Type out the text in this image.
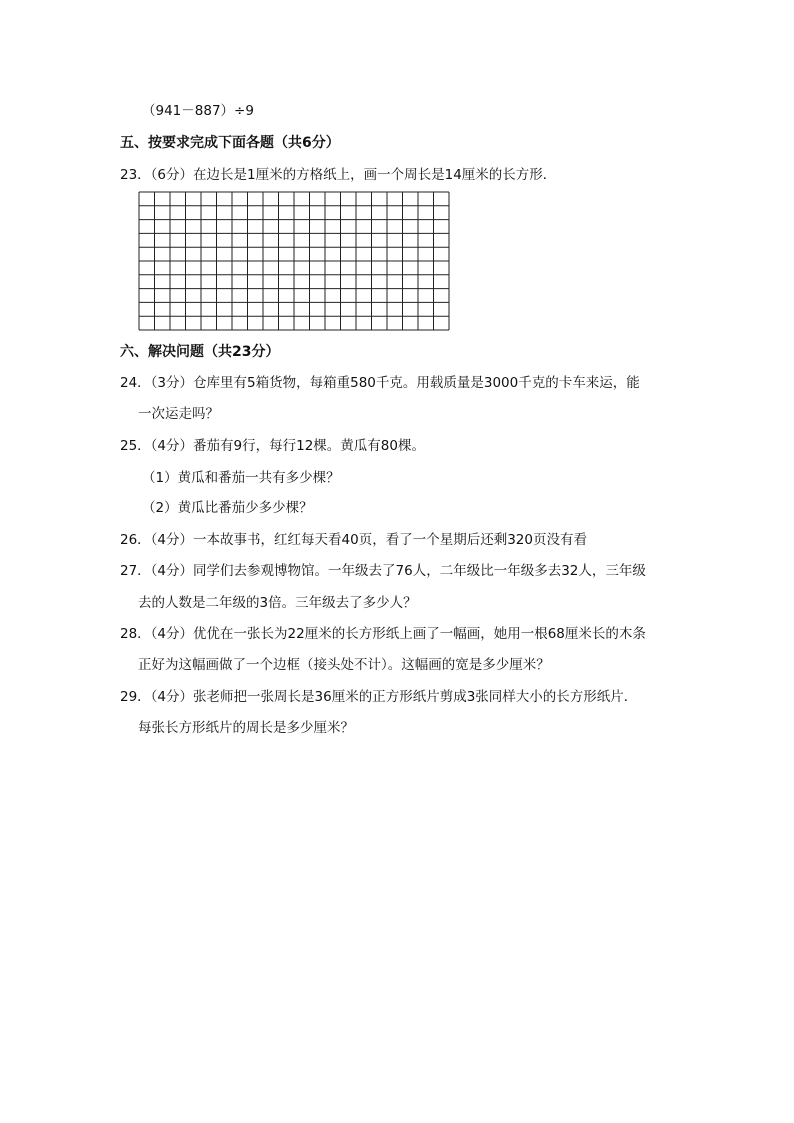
（941－887）÷9
五、按要求完成下面各题（共6分）
23．（6分）在边长是1厘米的方格纸上，画一个周长是14厘米的长方形．
六、解决问题（共23分）
24．（3分）仓库里有5箱货物，每箱重580千克。用载质量是3000千克的卡车来运，能
一次运走吗？
25．（4分）番茄有9行，每行12棵。黄瓜有80棵。
（1）黄瓜和番茄一共有多少棵？
（2）黄瓜比番茄少多少棵？
26．（4分）一本故事书，红红每天看40页，看了一个星期后还剩320页没有看
27．（4分）同学们去参观博物馆。一年级去了76人，二年级比一年级多去32人，三年级
去的人数是二年级的3倍。三年级去了多少人？
28．（4分）优优在一张长为22厘米的长方形纸上画了一幅画，她用一根68厘米长的木条
正好为这幅画做了一个边框（接头处不计）。这幅画的宽是多少厘米？
29．（4分）张老师把一张周长是36厘米的正方形纸片剪成3张同样大小的长方形纸片．
每张长方形纸片的周长是多少厘米？
